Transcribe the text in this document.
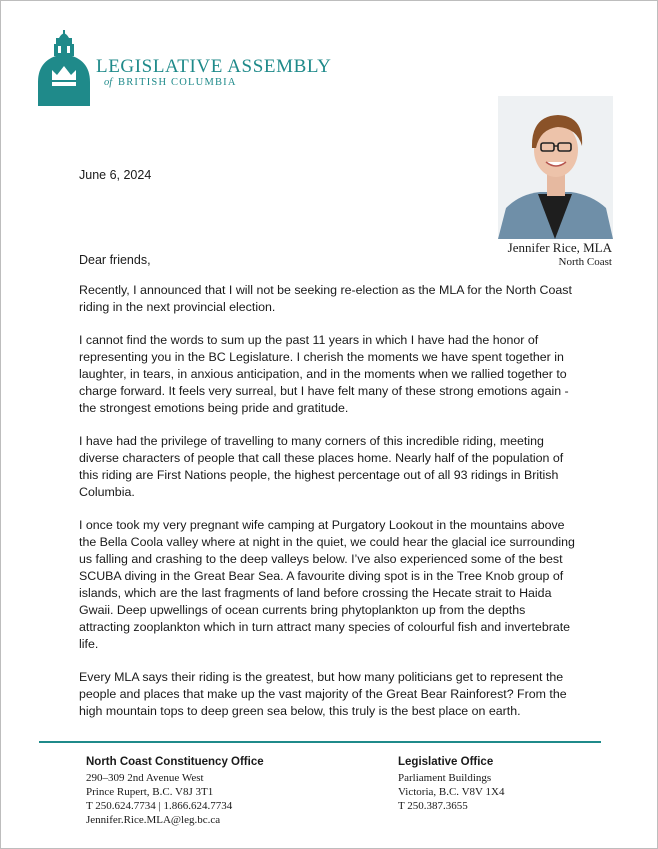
LEGISLATIVE ASSEMBLY
of BRITISH COLUMBIA
Jennifer Rice, MLA
North Coast
June 6, 2024
Dear friends,

Recently, I announced that I will not be seeking re-election as the MLA for the North Coast riding in the next provincial election.

I cannot find the words to sum up the past 11 years in which I have had the honor of representing you in the BC Legislature. I cherish the moments we have spent together in laughter, in tears, in anxious anticipation, and in the moments when we rallied together to charge forward. It feels very surreal, but I have felt many of these strong emotions again - the strongest emotions being pride and gratitude.

I have had the privilege of travelling to many corners of this incredible riding, meeting diverse characters of people that call these places home. Nearly half of the population of this riding are First Nations people, the highest percentage out of all 93 ridings in British Columbia.

I once took my very pregnant wife camping at Purgatory Lookout in the mountains above the Bella Coola valley where at night in the quiet, we could hear the glacial ice surrounding us falling and crashing to the deep valleys below. I’ve also experienced some of the best SCUBA diving in the Great Bear Sea. A favourite diving spot is in the Tree Knob group of islands, which are the last fragments of land before crossing the Hecate strait to Haida Gwaii. Deep upwellings of ocean currents bring phytoplankton up from the depths attracting zooplankton which in turn attract many species of colourful fish and invertebrate life.

Every MLA says their riding is the greatest, but how many politicians get to represent the people and places that make up the vast majority of the Great Bear Rainforest? From the high mountain tops to deep green sea below, this truly is the best place on earth.

North Coast Constituency Office
290–309 2nd Avenue West
Prince Rupert, B.C. V8J 3T1
T 250.624.7734 | 1.866.624.7734
Jennifer.Rice.MLA@leg.bc.ca
Legislative Office
Parliament Buildings
Victoria, B.C. V8V 1X4
T 250.387.3655
